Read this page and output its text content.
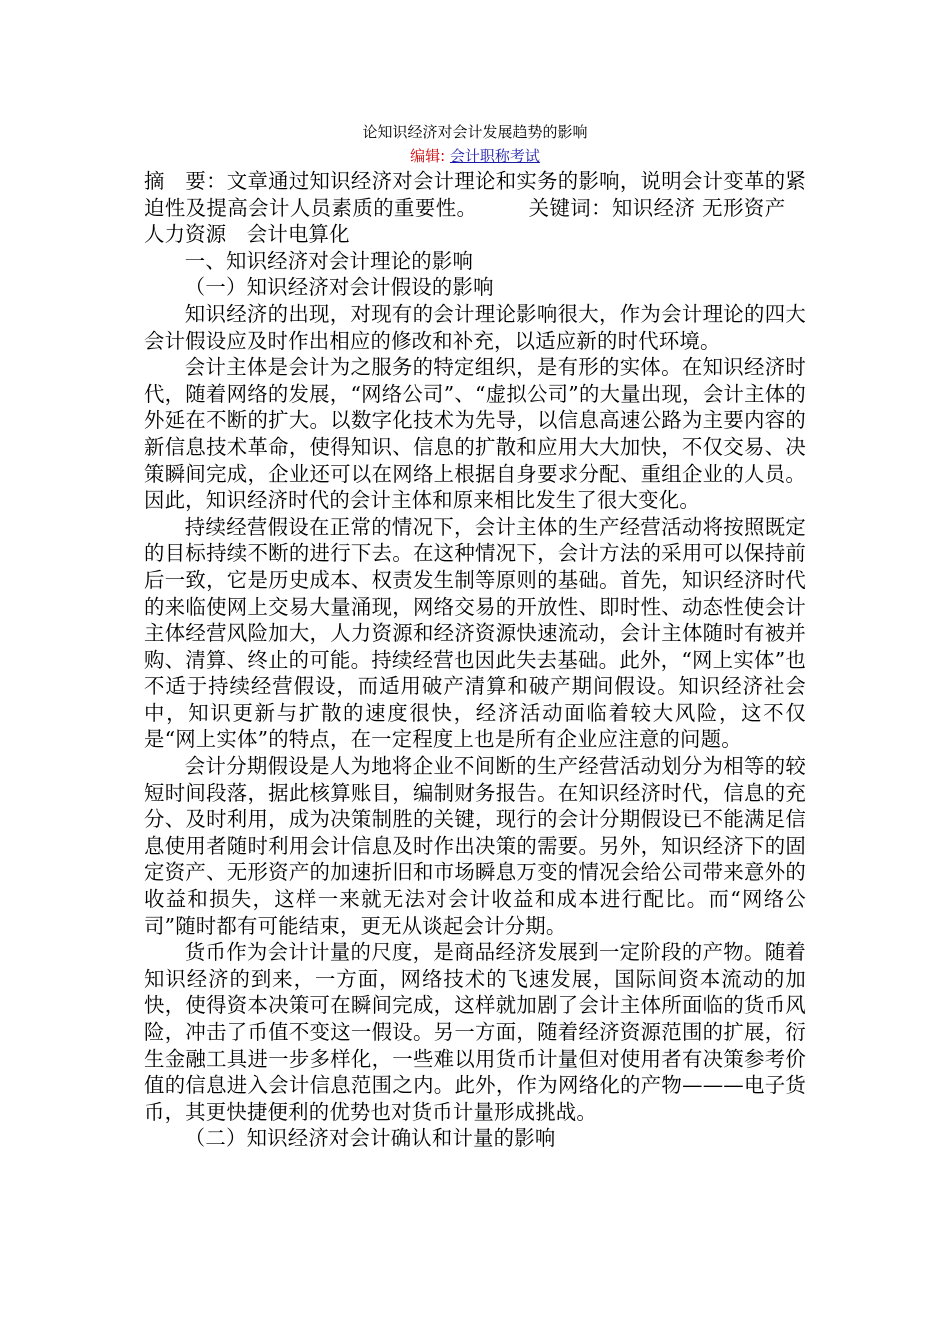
论知识经济对会计发展趋势的影响

编辑: 会计职称考试

摘　要：文章通过知识经济对会计理论和实务的影响，说明会计变革的紧迫性及提高会计人员素质的重要性。	关键词：知识经济 无形资产人力资源 会计电算化

一、知识经济对会计理论的影响

（一）知识经济对会计假设的影响

知识经济的出现，对现有的会计理论影响很大，作为会计理论的四大会计假设应及时作出相应的修改和补充，以适应新的时代环境。

会计主体是会计为之服务的特定组织，是有形的实体。在知识经济时代，随着网络的发展，“网络公司”、“虚拟公司”的大量出现，会计主体的外延在不断的扩大。以数字化技术为先导，以信息高速公路为主要内容的新信息技术革命，使得知识、信息的扩散和应用大大加快，不仅交易、决策瞬间完成，企业还可以在网络上根据自身要求分配、重组企业的人员。因此，知识经济时代的会计主体和原来相比发生了很大变化。

持续经营假设在正常的情况下，会计主体的生产经营活动将按照既定的目标持续不断的进行下去。在这种情况下，会计方法的采用可以保持前后一致，它是历史成本、权责发生制等原则的基础。首先，知识经济时代的来临使网上交易大量涌现，网络交易的开放性、即时性、动态性使会计主体经营风险加大，人力资源和经济资源快速流动，会计主体随时有被并购、清算、终止的可能。持续经营也因此失去基础。此外，“网上实体”也不适于持续经营假设，而适用破产清算和破产期间假设。知识经济社会中，知识更新与扩散的速度很快，经济活动面临着较大风险，这不仅是“网上实体”的特点，在一定程度上也是所有企业应注意的问题。

会计分期假设是人为地将企业不间断的生产经营活动划分为相等的较短时间段落，据此核算账目，编制财务报告。在知识经济时代，信息的充分、及时利用，成为决策制胜的关键，现行的会计分期假设已不能满足信息使用者随时利用会计信息及时作出决策的需要。另外，知识经济下的固定资产、无形资产的加速折旧和市场瞬息万变的情况会给公司带来意外的收益和损失，这样一来就无法对会计收益和成本进行配比。而“网络公司”随时都有可能结束，更无从谈起会计分期。

货币作为会计计量的尺度，是商品经济发展到一定阶段的产物。随着知识经济的到来，一方面，网络技术的飞速发展，国际间资本流动的加快，使得资本决策可在瞬间完成，这样就加剧了会计主体所面临的货币风险，冲击了币值不变这一假设。另一方面，随着经济资源范围的扩展，衍生金融工具进一步多样化，一些难以用货币计量但对使用者有决策参考价值的信息进入会计信息范围之内。此外，作为网络化的产物———电子货币，其更快捷便利的优势也对货币计量形成挑战。

（二）知识经济对会计确认和计量的影响
